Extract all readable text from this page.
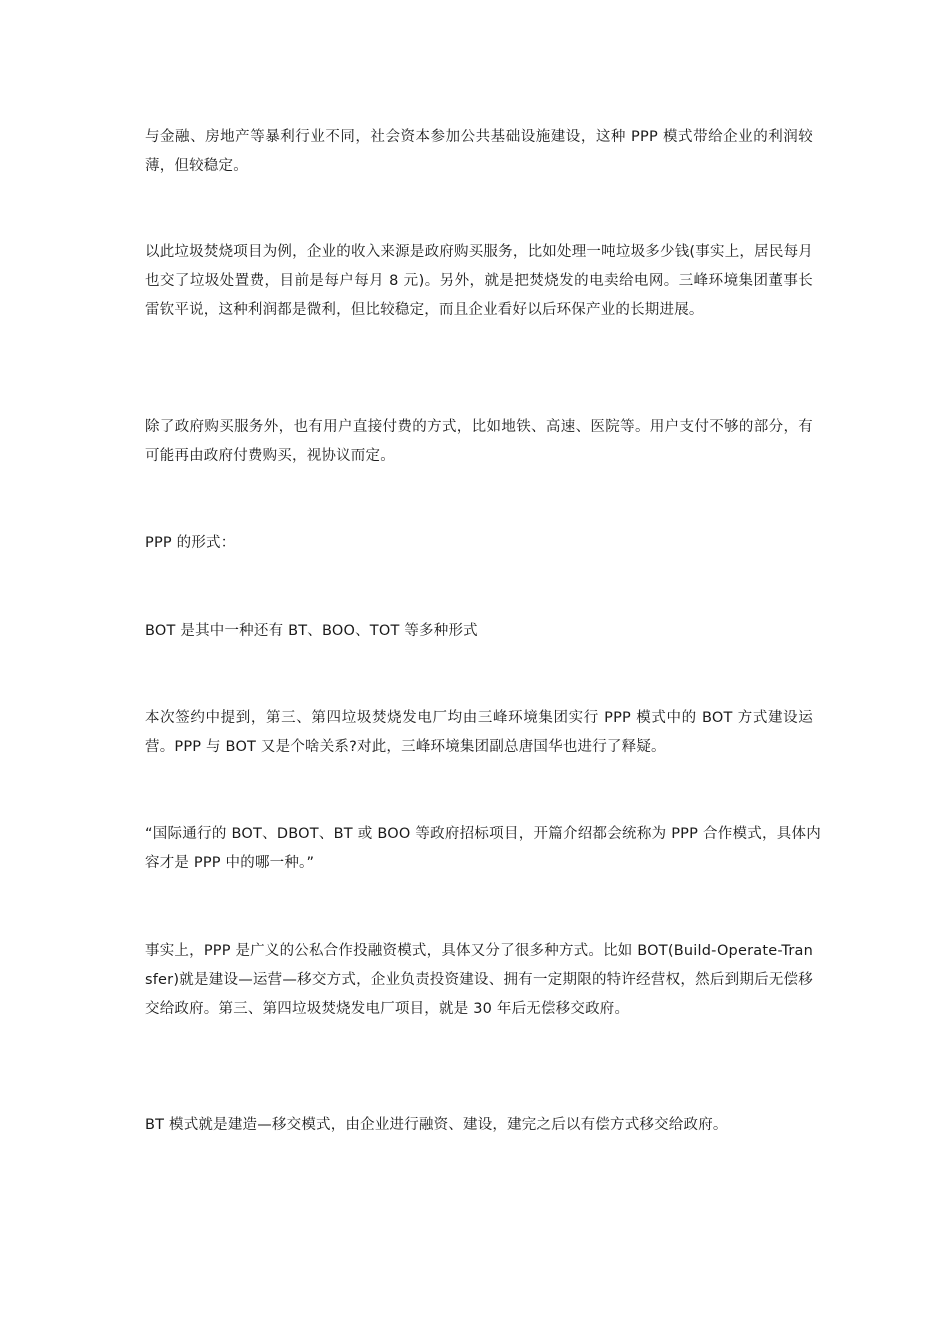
与金融、房地产等暴利行业不同，社会资本参加公共基础设施建设，这种 PPP 模式带给企业的利润较薄，但较稳定。

以此垃圾焚烧项目为例，企业的收入来源是政府购买服务，比如处理一吨垃圾多少钱(事实上，居民每月也交了垃圾处置费，目前是每户每月 8 元)。另外，就是把焚烧发的电卖给电网。三峰环境集团董事长雷钦平说，这种利润都是微利，但比较稳定，而且企业看好以后环保产业的长期进展。

除了政府购买服务外，也有用户直接付费的方式，比如地铁、高速、医院等。用户支付不够的部分，有可能再由政府付费购买，视协议而定。

PPP 的形式：

BOT 是其中一种还有 BT、BOO、TOT 等多种形式

本次签约中提到，第三、第四垃圾焚烧发电厂均由三峰环境集团实行 PPP 模式中的 BOT 方式建设运营。PPP 与 BOT 又是个啥关系?对此，三峰环境集团副总唐国华也进行了释疑。

“国际通行的 BOT、DBOT、BT 或 BOO 等政府招标项目，开篇介绍都会统称为 PPP 合作模式，具体内容才是 PPP 中的哪一种。”

事实上，PPP 是广义的公私合作投融资模式，具体又分了很多种方式。比如 BOT(Build-Operate-Transfer)就是建设—运营—移交方式，企业负责投资建设、拥有一定期限的特许经营权，然后到期后无偿移交给政府。第三、第四垃圾焚烧发电厂项目，就是 30 年后无偿移交政府。

BT 模式就是建造—移交模式，由企业进行融资、建设，建完之后以有偿方式移交给政府。
